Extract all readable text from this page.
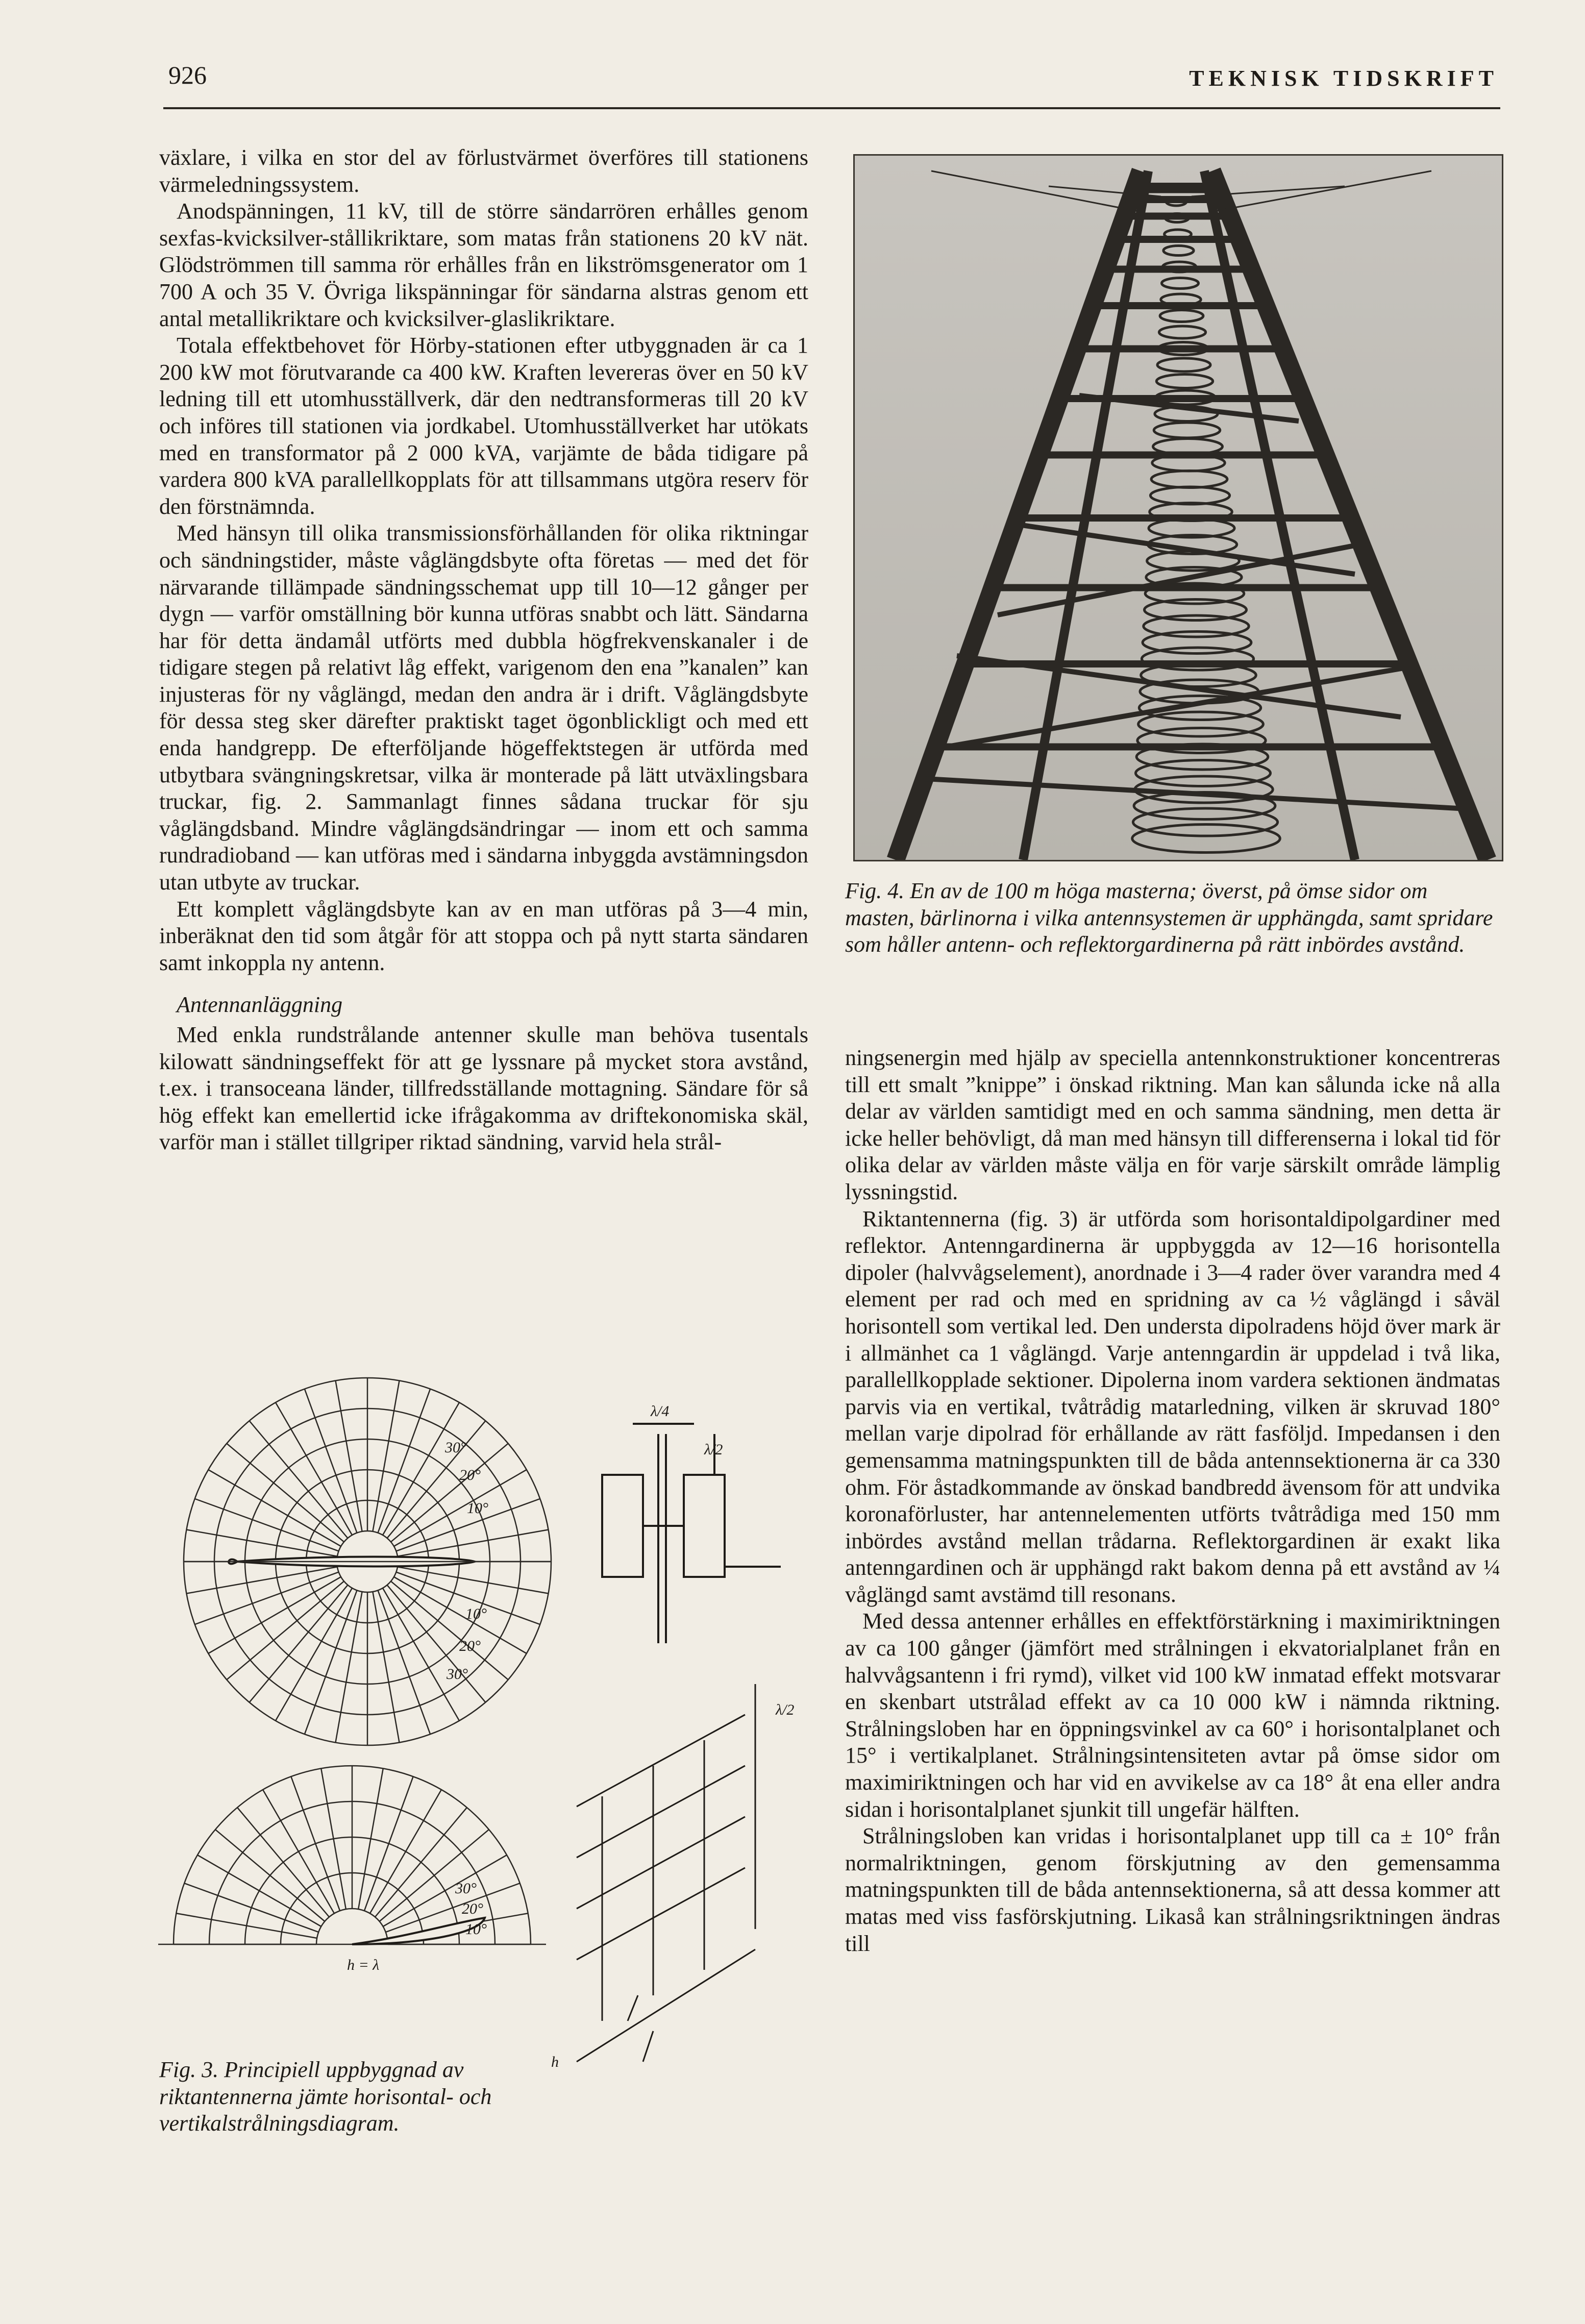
926	TEKNISK TIDSKRIFT

växlare, i vilka en stor del av förlustvärmet överföres till stationens värmeledningssystem.

Anodspänningen, 11 kV, till de större sändarrören erhålles genom sexfas-kvicksilver-stållikriktare, som matas från stationens 20 kV nät. Glödströmmen till samma rör erhålles från en likströmsgenerator om 1 700 A och 35 V. Övriga likspänningar för sändarna alstras genom ett antal metallikriktare och kvicksilver-glaslikriktare.

Totala effektbehovet för Hörby-stationen efter utbyggnaden är ca 1 200 kW mot förutvarande ca 400 kW. Kraften levereras över en 50 kV ledning till ett utomhusställverk, där den nedtransformeras till 20 kV och införes till stationen via jordkabel. Utomhusställverket har utökats med en transformator på 2 000 kVA, varjämte de båda tidigare på vardera 800 kVA parallellkopplats för att tillsammans utgöra reserv för den förstnämnda.

Med hänsyn till olika transmissionsförhållanden för olika riktningar och sändningstider, måste våglängdsbyte ofta företas — med det för närvarande tillämpade sändningsschemat upp till 10—12 gånger per dygn — varför omställning bör kunna utföras snabbt och lätt. Sändarna har för detta ändamål utförts med dubbla högfrekvenskanaler i de tidigare stegen på relativt låg effekt, varigenom den ena ”kanalen” kan injusteras för ny våglängd, medan den andra är i drift. Våglängdsbyte för dessa steg sker därefter praktiskt taget ögonblickligt och med ett enda handgrepp. De efterföljande högeffektstegen är utförda med utbytbara svängningskretsar, vilka är monterade på lätt utväxlingsbara truckar, fig. 2. Sammanlagt finnes sådana truckar för sju våglängdsband. Mindre våglängdsändringar — inom ett och samma rundradioband — kan utföras med i sändarna inbyggda avstämningsdon utan utbyte av truckar.

Ett komplett våglängdsbyte kan av en man utföras på 3—4 min, inberäknat den tid som åtgår för att stoppa och på nytt starta sändaren samt inkoppla ny antenn.

Antennanläggning

Med enkla rundstrålande antenner skulle man behöva tusentals kilowatt sändningseffekt för att ge lyssnare på mycket stora avstånd, t.ex. i transoceana länder, tillfredsställande mottagning. Sändare för så hög effekt kan emellertid icke ifrågakomma av driftekonomiska skäl, varför man i stället tillgriper riktad sändning, varvid hela strål-

Fig. 4. En av de 100 m höga masterna; överst, på ömse sidor om masten, bärlinorna i vilka antennsystemen är upphängda, samt spridare som håller antenn- och reflektorgardinerna på rätt inbördes avstånd.

ningsenergin med hjälp av speciella antennkonstruktioner koncentreras till ett smalt ”knippe” i önskad riktning. Man kan sålunda icke nå alla delar av världen samtidigt med en och samma sändning, men detta är icke heller behövligt, då man med hänsyn till differenserna i lokal tid för olika delar av världen måste välja en för varje särskilt område lämplig lyssningstid.

Riktantennerna (fig. 3) är utförda som horisontaldipolgardiner med reflektor. Antenngardinerna är uppbyggda av 12—16 horisontella dipoler (halvvågselement), anordnade i 3—4 rader över varandra med 4 element per rad och med en spridning av ca ½ våglängd i såväl horisontell som vertikal led. Den understa dipolradens höjd över mark är i allmänhet ca 1 våglängd. Varje antenngardin är uppdelad i två lika, parallellkopplade sektioner. Dipolerna inom vardera sektionen ändmatas parvis via en vertikal, tvåtrådig matarledning, vilken är skruvad 180° mellan varje dipolrad för erhållande av rätt fasföljd. Impedansen i den gemensamma matningspunkten till de båda antennsektionerna är ca 330 ohm. För åstadkommande av önskad bandbredd ävensom för att undvika koronaförluster, har antennelementen utförts tvåtrådiga med 150 mm inbördes avstånd mellan trådarna. Reflektorgardinen är exakt lika antenngardinen och är upphängd rakt bakom denna på ett avstånd av ¼ våglängd samt avstämd till resonans.

Med dessa antenner erhålles en effektförstärkning i maximiriktningen av ca 100 gånger (jämfört med strålningen i ekvatorialplanet från en halvvågsantenn i fri rymd), vilket vid 100 kW inmatad effekt motsvarar en skenbart utstrålad effekt av ca 10 000 kW i nämnda riktning. Strålningsloben har en öppningsvinkel av ca 60° i horisontalplanet och 15° i vertikalplanet. Strålningsintensiteten avtar på ömse sidor om maximiriktningen och har vid en avvikelse av ca 18° åt ena eller andra sidan i horisontalplanet sjunkit till ungefär hälften.

Strålningsloben kan vridas i horisontalplanet upp till ca ± 10° från normalriktningen, genom förskjutning av den gemensamma matningspunkten till de båda antennsektionerna, så att dessa kommer att matas med viss fasförskjutning. Likaså kan strålningsriktningen ändras till

30°
20°
10°
10°
20°
30°
30°
20°
10°
h = λ
λ/4
λ/2
λ/2
h
Fig. 3. Principiell uppbyggnad av riktantennerna jämte horisontal- och vertikalstrålningsdiagram.
